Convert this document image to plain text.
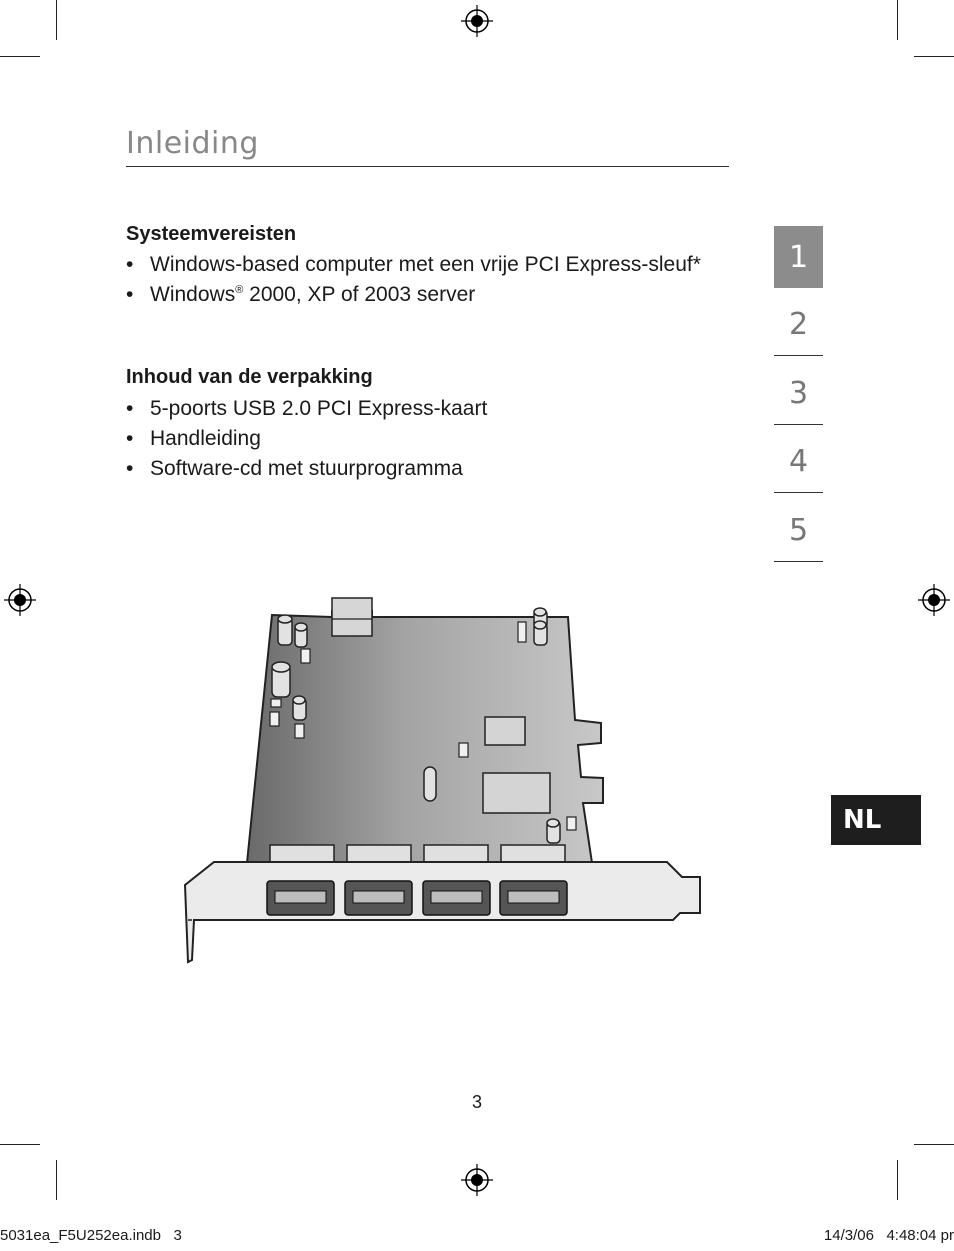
Inleiding
Systeemvereisten
• Windows-based computer met een vrije PCI Express-sleuf*
• Windows® 2000, XP of 2003 server
Inhoud van de verpakking
• 5-poorts USB 2.0 PCI Express-kaart
• Handleiding
• Software-cd met stuurprogramma
1
2
3
4
5
NL
3
5031ea_F5U252ea.indb   3	14/3/06   4:48:04 pr
